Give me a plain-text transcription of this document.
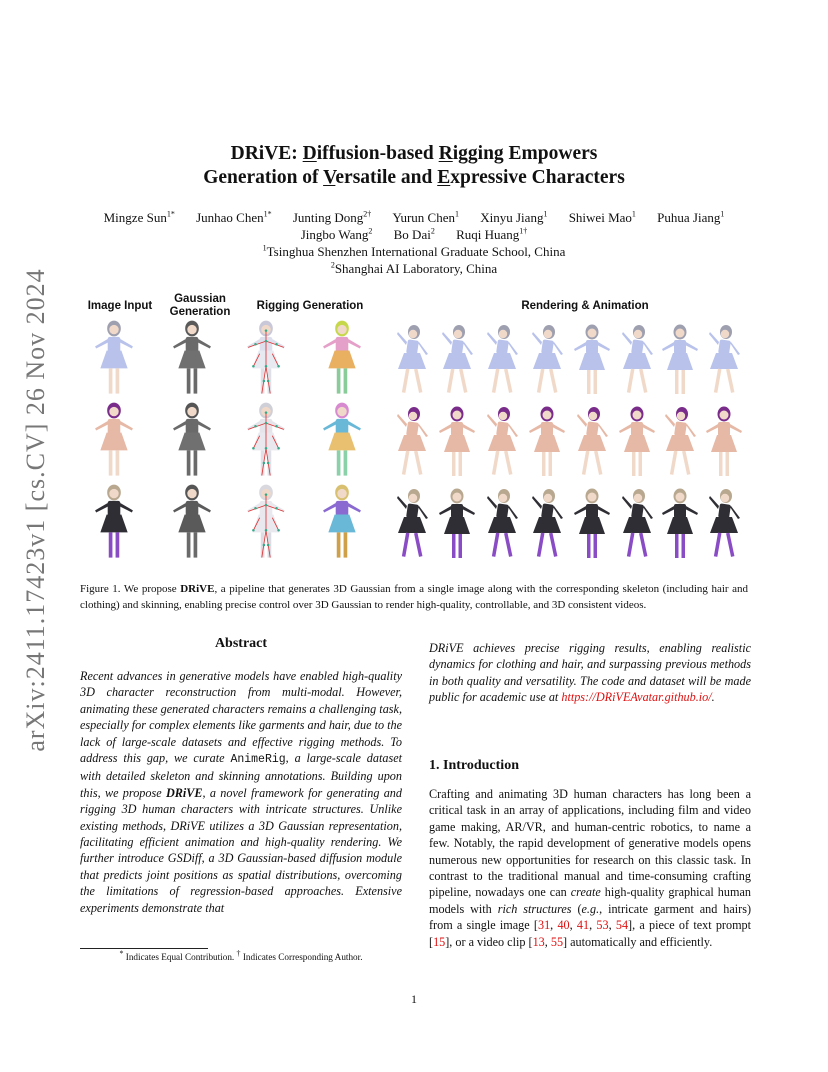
arXiv:2411.17423v1 [cs.CV] 26 Nov 2024
DRiVE: Diffusion-based Rigging Empowers
Generation of Versatile and Expressive Characters
Mingze Sun$^{1*}$ Junhao Chen$^{1*}$ Junting Dong$^{2\dagger}$ Yurun Chen$^1$ Xinyu Jiang$^1$ Shiwei Mao$^1$ Puhua Jiang$^1$
Jingbo Wang$^2$ Bo Dai$^2$ Ruqi Huang$^{1\dagger}$
$^1$Tsinghua Shenzhen International Graduate School, China
$^2$Shanghai AI Laboratory, China
Image Input
Gaussian
Generation	Rigging Generation	Rendering & Animation
Figure 1. We propose DRiVE, a pipeline that generates 3D Gaussian from a single image along with the corresponding skeleton (including hair and clothing) and skinning, enabling precise control over 3D Gaussian to render high-quality, controllable, and 3D consistent videos.
Abstract
Recent advances in generative models have enabled high-quality 3D character reconstruction from multi-modal. However, animating these generated characters remains a challenging task, especially for complex elements like garments and hair, due to the lack of large-scale datasets and effective rigging methods. To address this gap, we curate AnimeRig, a large-scale dataset with detailed skeleton and skinning annotations. Building upon this, we propose DRiVE, a novel framework for generating and rigging 3D human characters with intricate structures. Unlike existing methods, DRiVE utilizes a 3D Gaussian representation, facilitating efficient animation and high-quality rendering. We further introduce GSDiff, a 3D Gaussian-based diffusion module that predicts joint positions as spatial distributions, overcoming the limitations of regression-based approaches. Extensive experiments demonstrate that
DRiVE achieves precise rigging results, enabling realistic dynamics for clothing and hair, and surpassing previous methods in both quality and versatility. The code and dataset will be made public for academic use at https://DRiVEAvatar.github.io/.
1. Introduction
Crafting and animating 3D human characters has long been a critical task in an array of applications, including film and video game making, AR/VR, and human-centric robotics, to name a few. Notably, the rapid development of generative models opens numerous new opportunities for research on this classic task. In contrast to the traditional manual and time-consuming crafting pipeline, nowadays one can create high-quality graphical human models with rich structures (e.g., intricate garment and hairs) from a single image [31, 40, 41, 53, 54], a piece of text prompt [15], or a video clip [13, 55] automatically and efficiently.
* Indicates Equal Contribution. † Indicates Corresponding Author.
1
